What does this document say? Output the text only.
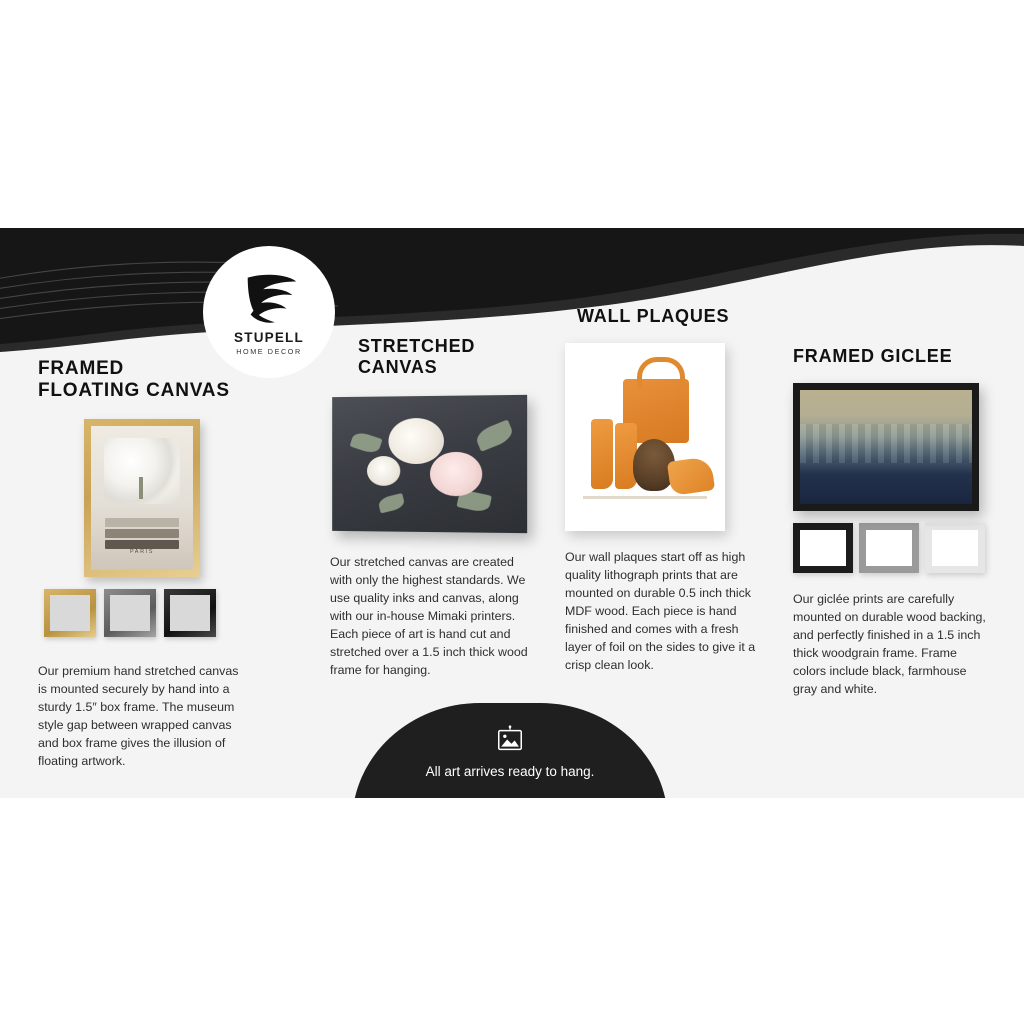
STUPELL
HOME DECOR
FRAMED
FLOATING CANVAS
PARIS
Our premium hand stretched canvas is mounted securely by hand into a sturdy 1.5″ box frame. The museum style gap between wrapped canvas and box frame gives the illusion of floating artwork.
STRETCHED
CANVAS
Our stretched canvas are created with only the highest standards. We use quality inks and canvas, along with our in-house Mimaki printers. Each piece of art is hand cut and stretched over a 1.5 inch thick wood frame for hanging.
WALL PLAQUES
Our wall plaques start off as high quality lithograph prints that are mounted on durable 0.5 inch thick MDF wood. Each piece is hand finished and comes with a fresh layer of foil on the sides to give it a crisp clean look.
FRAMED GICLEE
Our giclée prints are carefully mounted on durable wood backing, and perfectly finished in a 1.5 inch thick woodgrain frame. Frame colors include black, farmhouse gray and white.
All art arrives ready to hang.
